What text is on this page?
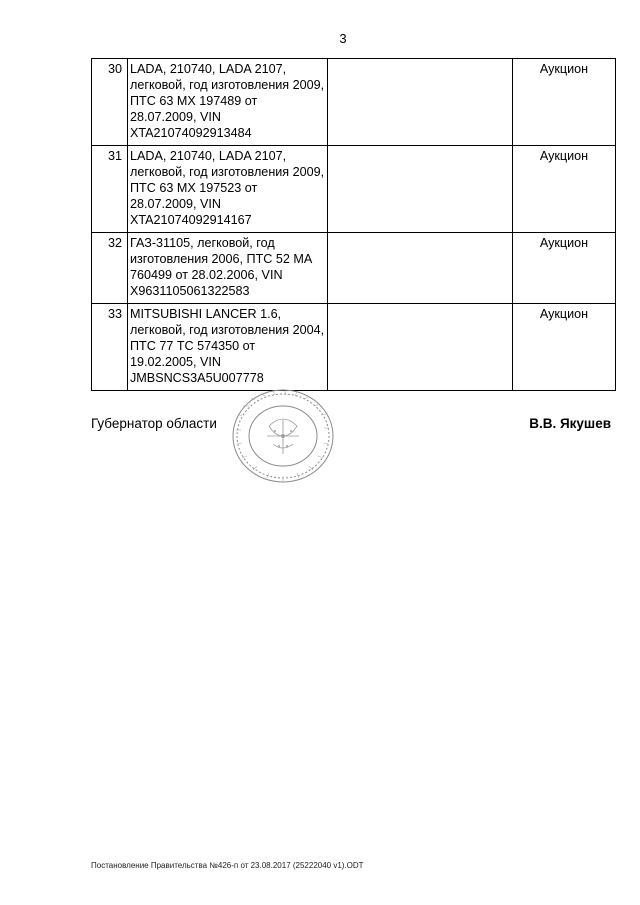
3
30	LADA, 210740, LADA 2107, легковой, год изготовления 2009, ПТС 63 МХ 197489 от 28.07.2009, VIN XTA21074092913484		Аукцион
31	LADA, 210740, LADA 2107, легковой, год изготовления 2009, ПТС 63 МХ 197523 от 28.07.2009, VIN XTA21074092914167		Аукцион
32	ГАЗ-31105, легковой, год изготовления 2006, ПТС 52 МА 760499 от 28.02.2006, VIN X9631105061322583		Аукцион
33	MITSUBISHI LANCER 1.6, легковой, год изготовления 2004, ПТС 77 ТС 574350 от 19.02.2005, VIN JMBSNCS3A5U007778		Аукцион
Губернатор области	В.В. Якушев
Постановление Правительства №426-п от 23.08.2017 (25222040 v1).ODT
